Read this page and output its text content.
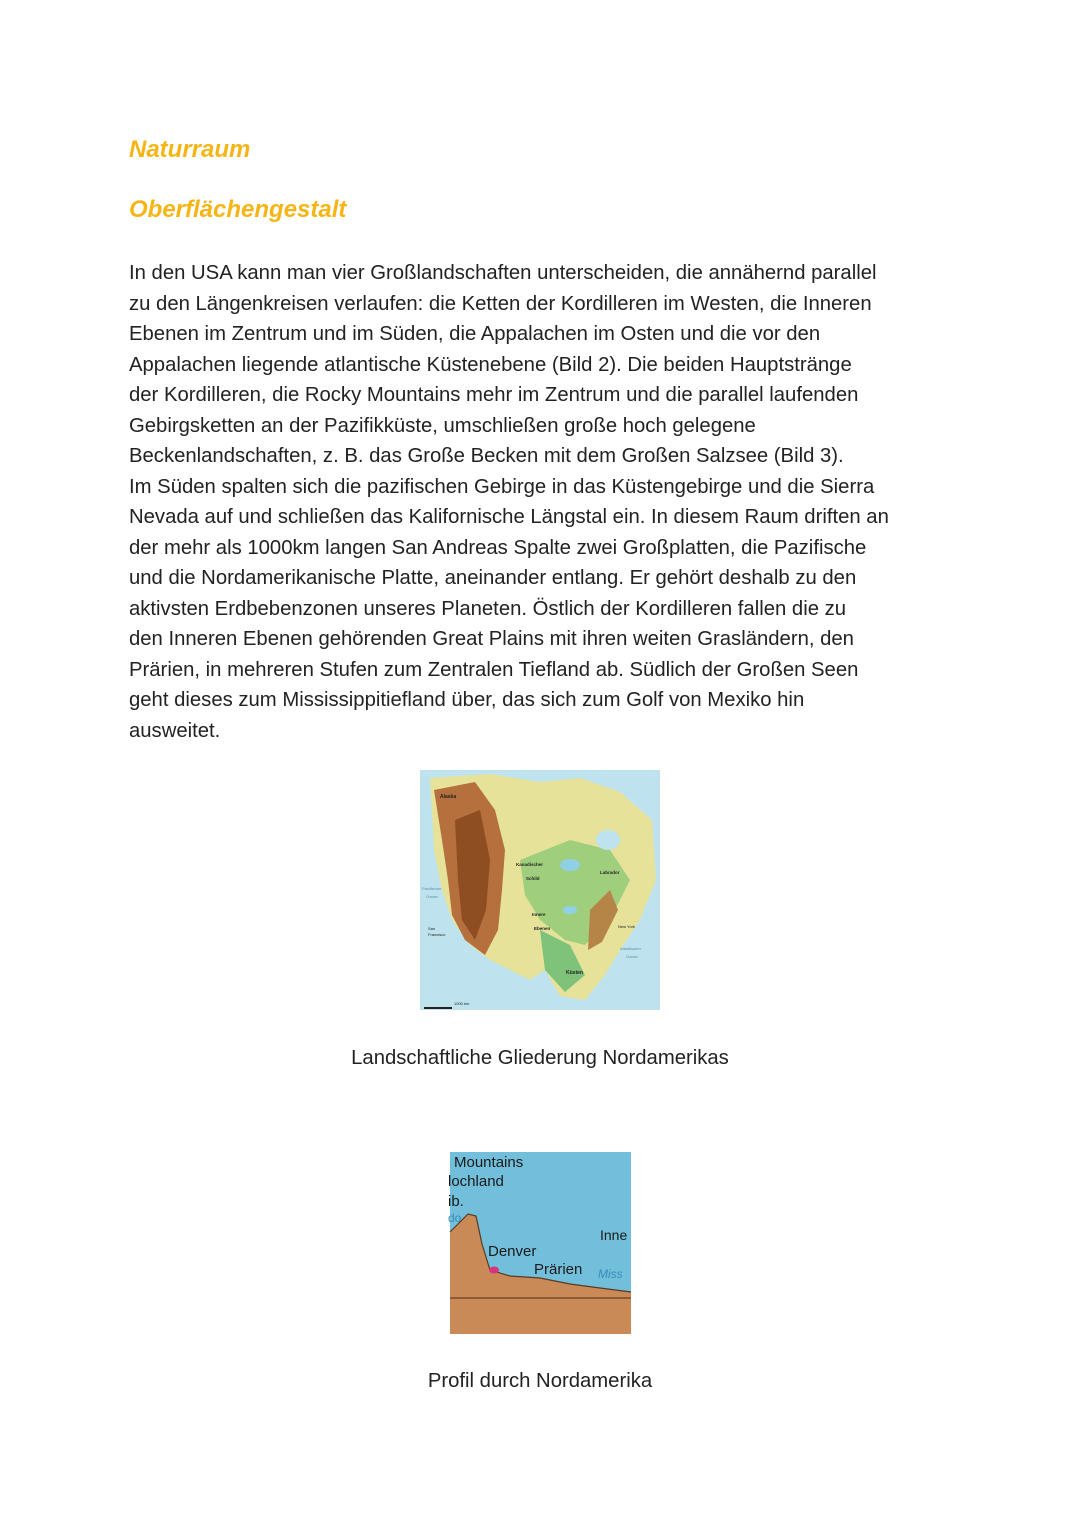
Naturraum
Oberflächengestalt

In den USA kann man vier Großlandschaften unterscheiden, die annähernd parallel
zu den Längenkreisen verlaufen: die Ketten der Kordilleren im Westen, die Inneren
Ebenen im Zentrum und im Süden, die Appalachen im Osten und die vor den
Appalachen liegende atlantische Küstenebene (Bild 2). Die beiden Hauptstränge
der Kordilleren, die Rocky Mountains mehr im Zentrum und die parallel laufenden
Gebirgsketten an der Pazifikküste, umschließen große hoch gelegene
Beckenlandschaften, z. B. das Große Becken mit dem Großen Salzsee (Bild 3).
Im Süden spalten sich die pazifischen Gebirge in das Küstengebirge und die Sierra
Nevada auf und schließen das Kalifornische Längstal ein. In diesem Raum driften an
der mehr als 1000km langen San Andreas Spalte zwei Großplatten, die Pazifische
und die Nordamerikanische Platte, aneinander entlang. Er gehört deshalb zu den
aktivsten Erdbebenzonen unseres Planeten. Östlich der Kordilleren fallen die zu
den Inneren Ebenen gehörenden Great Plains mit ihren weiten Grasländern, den
Prärien, in mehreren Stufen zum Zentralen Tiefland ab. Südlich der Großen Seen
geht dieses zum Mississippitiefland über, das sich zum Golf von Mexiko hin
ausweitet.

Alaska
Kanadischer
Schild
Labrador
Pazifischer
Ozean
San
Francisco
Innere
Ebenen	New York
Atlantischer
Ozean
Küsten
1000 km

Landschaftliche Gliederung Nordamerikas

Mountains
lochland
ib.
do
Inne
Denver
Prärien Miss

Profil durch Nordamerika
